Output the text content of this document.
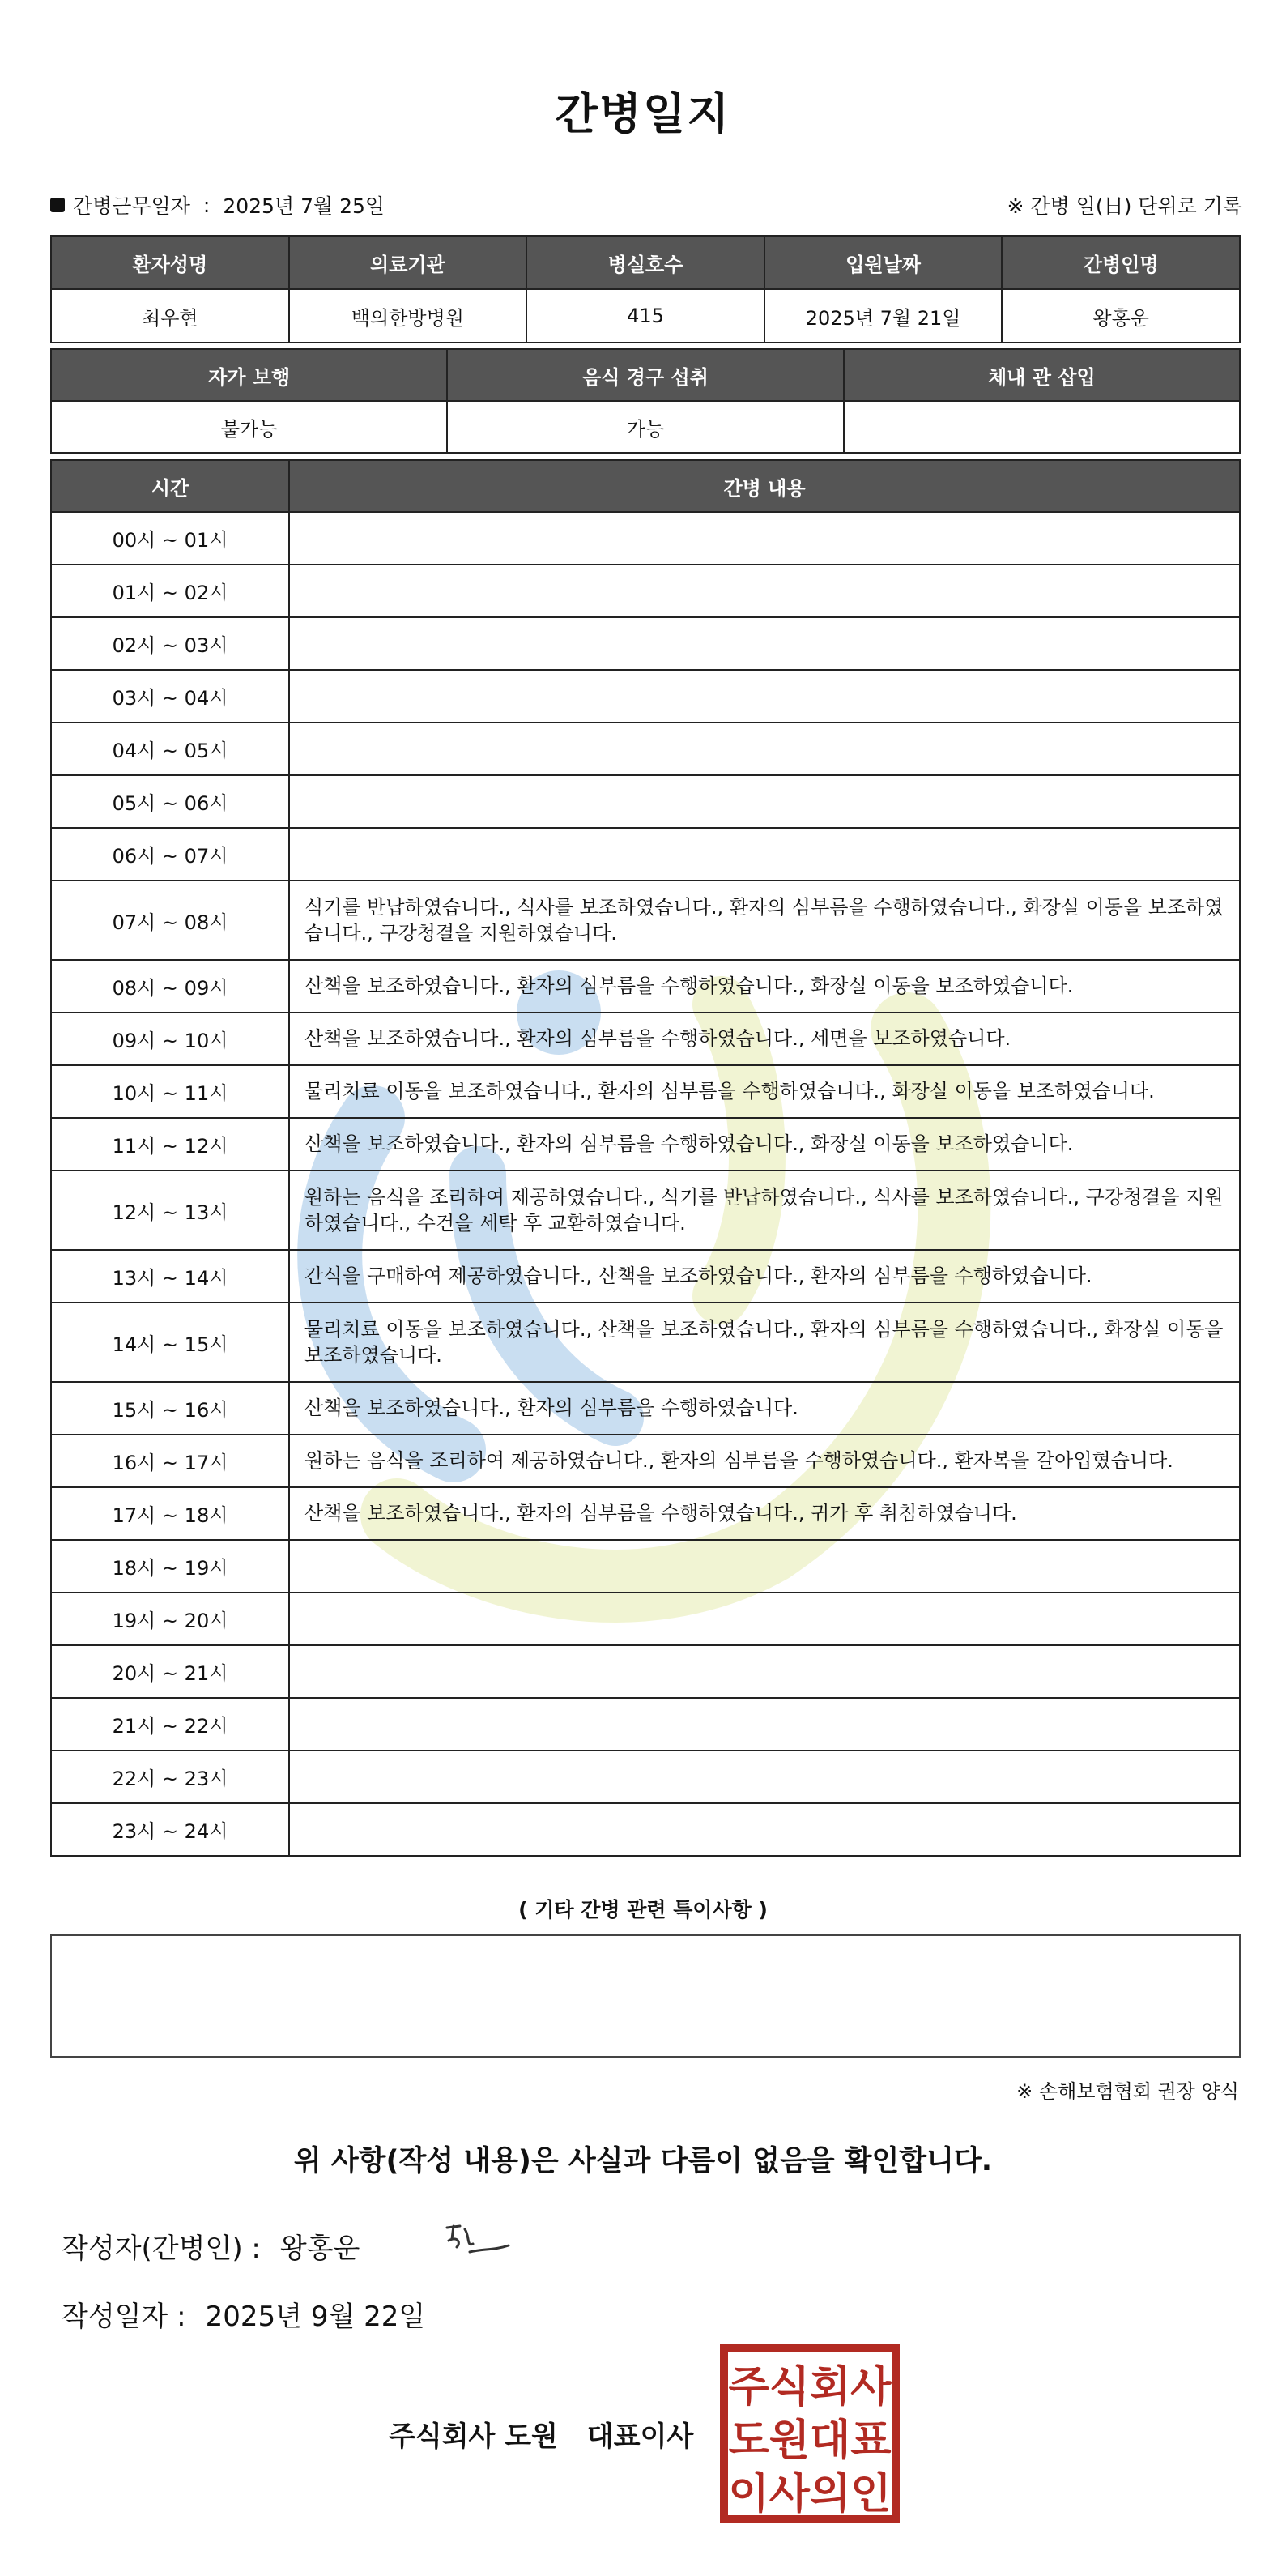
간병일지
간병근무일자 : 2025년 7월 25일	※ 간병 일(日) 단위로 기록
환자성명	의료기관	병실호수	입원날짜	간병인명
최우현	백의한방병원	415	2025년 7월 21일	왕홍운
자가 보행	음식 경구 섭취	체내 관 삽입
불가능	가능	
시간	간병 내용
00시 ~ 01시	
01시 ~ 02시	
02시 ~ 03시	
03시 ~ 04시	
04시 ~ 05시	
05시 ~ 06시	
06시 ~ 07시	
07시 ~ 08시	식기를 반납하였습니다., 식사를 보조하였습니다., 환자의 심부름을 수행하였습니다., 화장실 이동을 보조하였습니다., 구강청결을 지원하였습니다.
08시 ~ 09시	산책을 보조하였습니다., 환자의 심부름을 수행하였습니다., 화장실 이동을 보조하였습니다.
09시 ~ 10시	산책을 보조하였습니다., 환자의 심부름을 수행하였습니다., 세면을 보조하였습니다.
10시 ~ 11시	물리치료 이동을 보조하였습니다., 환자의 심부름을 수행하였습니다., 화장실 이동을 보조하였습니다.
11시 ~ 12시	산책을 보조하였습니다., 환자의 심부름을 수행하였습니다., 화장실 이동을 보조하였습니다.
12시 ~ 13시	원하는 음식을 조리하여 제공하였습니다., 식기를 반납하였습니다., 식사를 보조하였습니다., 구강청결을 지원하였습니다., 수건을 세탁 후 교환하였습니다.
13시 ~ 14시	간식을 구매하여 제공하였습니다., 산책을 보조하였습니다., 환자의 심부름을 수행하였습니다.
14시 ~ 15시	물리치료 이동을 보조하였습니다., 산책을 보조하였습니다., 환자의 심부름을 수행하였습니다., 화장실 이동을 보조하였습니다.
15시 ~ 16시	산책을 보조하였습니다., 환자의 심부름을 수행하였습니다.
16시 ~ 17시	원하는 음식을 조리하여 제공하였습니다., 환자의 심부름을 수행하였습니다., 환자복을 갈아입혔습니다.
17시 ~ 18시	산책을 보조하였습니다., 환자의 심부름을 수행하였습니다., 귀가 후 취침하였습니다.
18시 ~ 19시	
19시 ~ 20시	
20시 ~ 21시	
21시 ~ 22시	
22시 ~ 23시	
23시 ~ 24시	
( 기타 간병 관련 특이사항 )
※ 손해보험협회 권장 양식
위 사항(작성 내용)은 사실과 다름이 없음을 확인합니다.
작성자(간병인) : 왕홍운
작성일자 : 2025년 9월 22일
주식회사 도원 대표이사
주식회사
도원대표
이사의인
